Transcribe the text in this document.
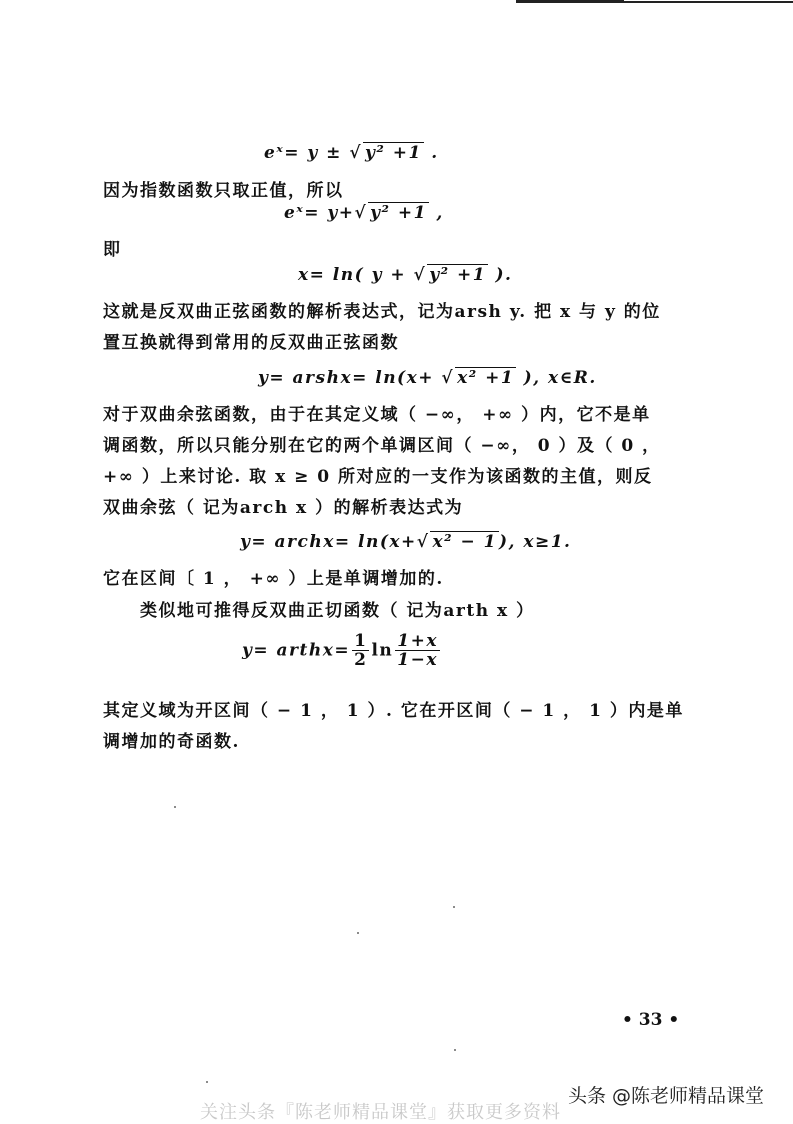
eˣ= y ± √ y² +1 .
因为指数函数只取正值，所以
eˣ= y+√ y² +1 ,
即
x= ln( y + √ y² +1 ).
这就是反双曲正弦函数的解析表达式，记为arsh y. 把 x 与 y 的位
置互换就得到常用的反双曲正弦函数
y= arshx= ln(x+ √ x² +1 ), x∈R.
对于双曲余弦函数，由于在其定义域（ −∞， +∞ ）内，它不是单
调函数，所以只能分别在它的两个单调区间（ −∞， 0 ）及（ 0 ，
+∞ ）上来讨论. 取 x ≥ 0 所对应的一支作为该函数的主值，则反
双曲余弦（ 记为arch x ）的解析表达式为
y= archx= ln(x+√ x² − 1 ), x≥1.
它在区间〔 1 ， +∞ ）上是单调增加的.
类似地可推得反双曲正切函数（ 记为arth x ）
y= arthx= $\frac{1}{2}$ $\ln \frac{1+x}{1-x}$
其定义域为开区间（ − 1 ， 1 ）. 它在开区间（ − 1 ， 1 ）内是单
调增加的奇函数.
• 33 •
头条 @陈老师精品课堂
关注头条『陈老师精品课堂』获取更多资料
